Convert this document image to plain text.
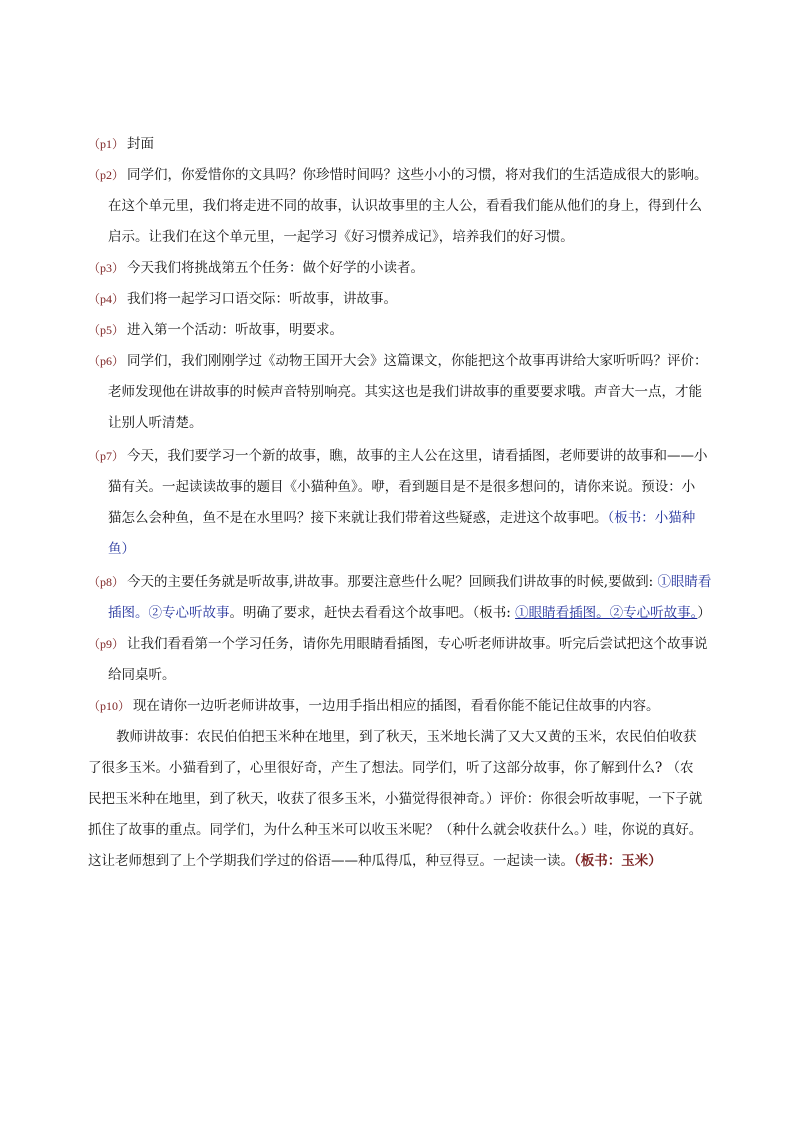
（p1） 封面
（p2） 同学们，你爱惜你的文具吗？你珍惜时间吗？这些小小的习惯，将对我们的生活造成很大的影响。
在这个单元里，我们将走进不同的故事，认识故事里的主人公，看看我们能从他们的身上，得到什么
启示。让我们在这个单元里，一起学习《好习惯养成记》，培养我们的好习惯。
（p3） 今天我们将挑战第五个任务：做个好学的小读者。
（p4） 我们将一起学习口语交际：听故事，讲故事。
（p5） 进入第一个活动：听故事，明要求。
（p6） 同学们，我们刚刚学过《动物王国开大会》这篇课文，你能把这个故事再讲给大家听听吗？评价：
老师发现他在讲故事的时候声音特别响亮。其实这也是我们讲故事的重要要求哦。声音大一点，才能
让别人听清楚。
（p7） 今天，我们要学习一个新的故事，瞧，故事的主人公在这里，请看插图，老师要讲的故事和——小
猫有关。一起读读故事的题目《小猫种鱼》。咿，看到题目是不是很多想问的，请你来说。预设：小
猫怎么会种鱼，鱼不是在水里吗？接下来就让我们带着这些疑惑，走进这个故事吧。（板书：小猫种
鱼）
（p8） 今天的主要任务就是听故事,讲故事。那要注意些什么呢？回顾我们讲故事的时候,要做到: ①眼睛看
插图。②专心听故事。明确了要求，赶快去看看这个故事吧。（板书: ①眼睛看插图。②专心听故事。）
（p9） 让我们看看第一个学习任务，请你先用眼睛看插图，专心听老师讲故事。听完后尝试把这个故事说
给同桌听。
（p10） 现在请你一边听老师讲故事，一边用手指出相应的插图，看看你能不能记住故事的内容。
教师讲故事：农民伯伯把玉米种在地里，到了秋天，玉米地长满了又大又黄的玉米，农民伯伯收获
了很多玉米。小猫看到了，心里很好奇，产生了想法。同学们，听了这部分故事，你了解到什么? （农
民把玉米种在地里，到了秋天，收获了很多玉米，小猫觉得很神奇。）评价：你很会听故事呢，一下子就
抓住了故事的重点。同学们，为什么种玉米可以收玉米呢？（种什么就会收获什么。）哇，你说的真好。
这让老师想到了上个学期我们学过的俗语——种瓜得瓜，种豆得豆。一起读一读。（板书：玉米）
